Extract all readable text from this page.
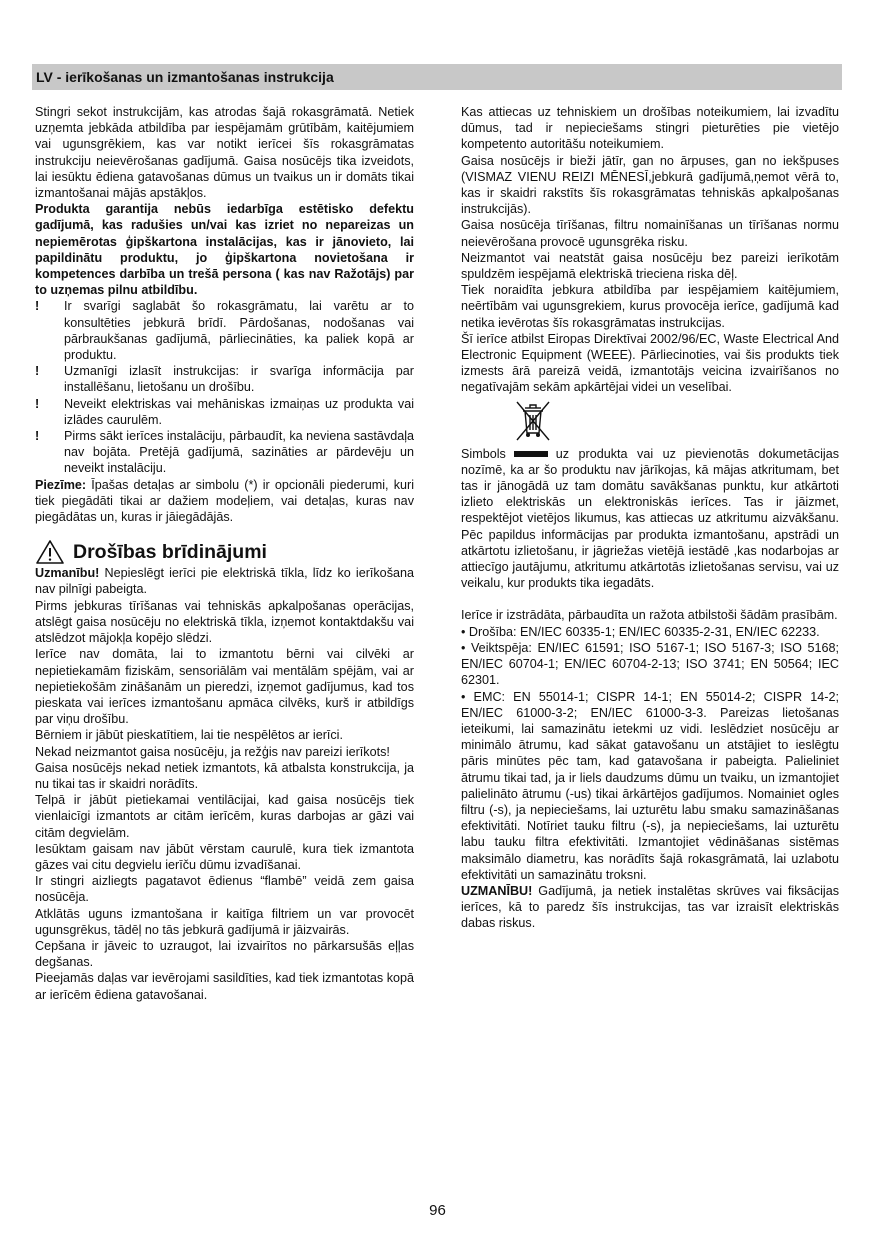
LV - ierīkošanas un izmantošanas instrukcija

Stingri sekot instrukcijām, kas atrodas šajā rokasgrāmatā. Netiek uzņemta jebkāda atbildība par iespējamām grūtībām, kaitējumiem vai ugunsgrēkiem, kas var notikt ierīcei šīs rokasgrāmatas instrukciju neievērošanas gadījumā. Gaisa nosūcējs tika izveidots, lai iesūktu ēdiena gatavošanas dūmus un tvaikus un ir domāts tikai izmantošanai mājās apstākļos.

Produkta garantija nebūs iedarbīga estētisko defektu gadījumā, kas radušies un/vai kas izriet no nepareizas un nepiemērotas ģipškartona instalācijas, kas ir jānovieto, lai papildinātu produktu, jo ģipškartona novietošana ir kompetences darbība un trešā persona ( kas nav Ražotājs) par to uzņemas pilnu atbildību.

! Ir svarīgi saglabāt šo rokasgrāmatu, lai varētu ar to konsultēties jebkurā brīdī. Pārdošanas, nodošanas vai pārbraukšanas gadījumā, pārliecināties, ka paliek kopā ar produktu.
! Uzmanīgi izlasīt instrukcijas: ir svarīga informācija par installēšanu, lietošanu un drošību.
! Neveikt elektriskas vai mehāniskas izmaiņas uz produkta vai izlādes caurulēm.
! Pirms sākt ierīces instalāciju, pārbaudīt, ka neviena sastāvdaļa nav bojāta. Pretējā gadījumā, sazināties ar pārdevēju un neveikt instalāciju.

Piezīme: Īpašas detaļas ar simbolu (*) ir opcionāli piederumi, kuri tiek piegādāti tikai ar dažiem modeļiem, vai detaļas, kuras nav piegādātas un, kuras ir jāiegādājās.

Drošības brīdinājumi

Uzmanību! Nepieslēgt ierīci pie elektriskā tīkla, līdz ko ierīkošana nav pilnīgi pabeigta.

Pirms jebkuras tīrīšanas vai tehniskās apkalpošanas operācijas, atslēgt gaisa nosūcēju no elektriskā tīkla, izņemot kontaktdakšu vai atslēdzot mājokļa kopējo slēdzi.

Ierīce nav domāta, lai to izmantotu bērni vai cilvēki ar nepietiekamām fiziskām, sensoriālām vai mentālām spējām, vai ar nepietiekošām zināšanām un pieredzi, izņemot gadījumus, kad tos pieskata vai ierīces izmantošanu apmāca cilvēks, kurš ir atbildīgs par viņu drošību.

Bērniem ir jābūt pieskatītiem, lai tie nespēlētos ar ierīci.

Nekad neizmantot gaisa nosūcēju, ja režģis nav pareizi ierīkots!

Gaisa nosūcējs nekad netiek izmantots, kā atbalsta konstrukcija, ja nu tikai tas ir skaidri norādīts.

Telpā ir jābūt pietiekamai ventilācijai, kad gaisa nosūcējs tiek vienlaicīgi izmantots ar citām ierīcēm, kuras darbojas ar gāzi vai citām degvielām.

Iesūktam gaisam nav jābūt vērstam caurulē, kura tiek izmantota gāzes vai citu degvielu ierīču dūmu izvadīšanai.

Ir stingri aizliegts pagatavot ēdienus “flambē” veidā zem gaisa nosūcēja.

Atklātās uguns izmantošana ir kaitīga filtriem un var provocēt ugunsgrēkus, tādēļ no tās jebkurā gadījumā ir jāizvairās.

Cepšana ir jāveic to uzraugot, lai izvairītos no pārkarsušās eļļas degšanas.

Pieejamās daļas var ievērojami sasildīties, kad tiek izmantotas kopā ar ierīcēm ēdiena gatavošanai.

Kas attiecas uz tehniskiem un drošības noteikumiem, lai izvadītu dūmus, tad ir nepieciešams stingri pieturēties pie vietējo kompetento autoritāšu noteikumiem.

Gaisa nosūcējs ir bieži jātīr, gan no ārpuses, gan no iekšpuses (VISMAZ VIENU REIZI MĒNESĪ,jebkurā gadījumā,ņemot vērā to, kas ir skaidri rakstīts šīs rokasgrāmatas tehniskās apkalpošanas instrukcijās).

Gaisa nosūcēja tīrīšanas, filtru nomainīšanas un tīrīšanas normu neievērošana provocē ugunsgrēka risku.

Neizmantot vai neatstāt gaisa nosūcēju bez pareizi ierīkotām spuldzēm iespējamā elektriskā trieciena riska dēļ.

Tiek noraidīta jebkura atbildība par iespējamiem kaitējumiem, neērtībām vai ugunsgrekiem, kurus provocēja ierīce, gadījumā kad netika ievērotas šīs rokasgrāmatas instrukcijas.

Šī ierīce atbilst Eiropas Direktīvai 2002/96/EC, Waste Electrical And Electronic Equipment (WEEE). Pārliecinoties, vai šis produkts tiek izmests ārā pareizā veidā, izmantotājs veicina izvairīšanos no negatīvajām sekām apkārtējai videi un veselībai.

Simbols	uz produkta vai uz pievienotās dokumetācijas nozīmē, ka ar šo produktu nav jārīkojas, kā mājas atkritumam, bet tas ir jānogādā uz tam domātu savākšanas punktu, kur atkārtoti izlieto elektriskās un elektroniskās ierīces. Tas ir jāizmet, respektējot vietējos likumus, kas attiecas uz atkritumu aizvākšanu. Pēc papildus informācijas par produkta izmantošanu, apstrādi un atkārtotu izlietošanu, ir jāgriežas vietējā iestādē ,kas nodarbojas ar attiecīgo jautājumu, atkritumu atkārtotās izlietošanas servisu, vai uz veikalu, kur produkts tika iegadāts.

Ierīce ir izstrādāta, pārbaudīta un ražota atbilstoši šādām prasībām.

• Drošība: EN/IEC 60335-1; EN/IEC 60335-2-31, EN/IEC 62233.

• Veiktspēja: EN/IEC 61591; ISO 5167-1; ISO 5167-3; ISO 5168; EN/IEC 60704-1; EN/IEC 60704-2-13; ISO 3741; EN 50564; IEC 62301.

• EMC: EN 55014-1; CISPR 14-1; EN 55014-2; CISPR 14-2; EN/IEC 61000-3-2; EN/IEC 61000-3-3. Pareizas lietošanas ieteikumi, lai samazinātu ietekmi uz vidi. Ieslēdziet nosūcēju ar minimālo ātrumu, kad sākat gatavošanu un atstājiet to ieslēgtu pāris minūtes pēc tam, kad gatavošana ir pabeigta. Palieliniet ātrumu tikai tad, ja ir liels daudzums dūmu un tvaiku, un izmantojiet palielināto ātrumu (-us) tikai ārkārtējos gadījumos. Nomainiet ogles filtru (-s), ja nepieciešams, lai uzturētu labu smaku samazināšanas efektivitāti. Notīriet tauku filtru (-s), ja nepieciešams, lai uzturētu labu tauku filtra efektivitāti. Izmantojiet vēdināšanas sistēmas maksimālo diametru, kas norādīts šajā rokasgrāmatā, lai uzlabotu efektivitāti un samazinātu troksni.

UZMANĪBU! Gadījumā, ja netiek instalētas skrūves vai fiksācijas ierīces, kā to paredz šīs instrukcijas, tas var izraisīt elektriskās dabas riskus.

96
